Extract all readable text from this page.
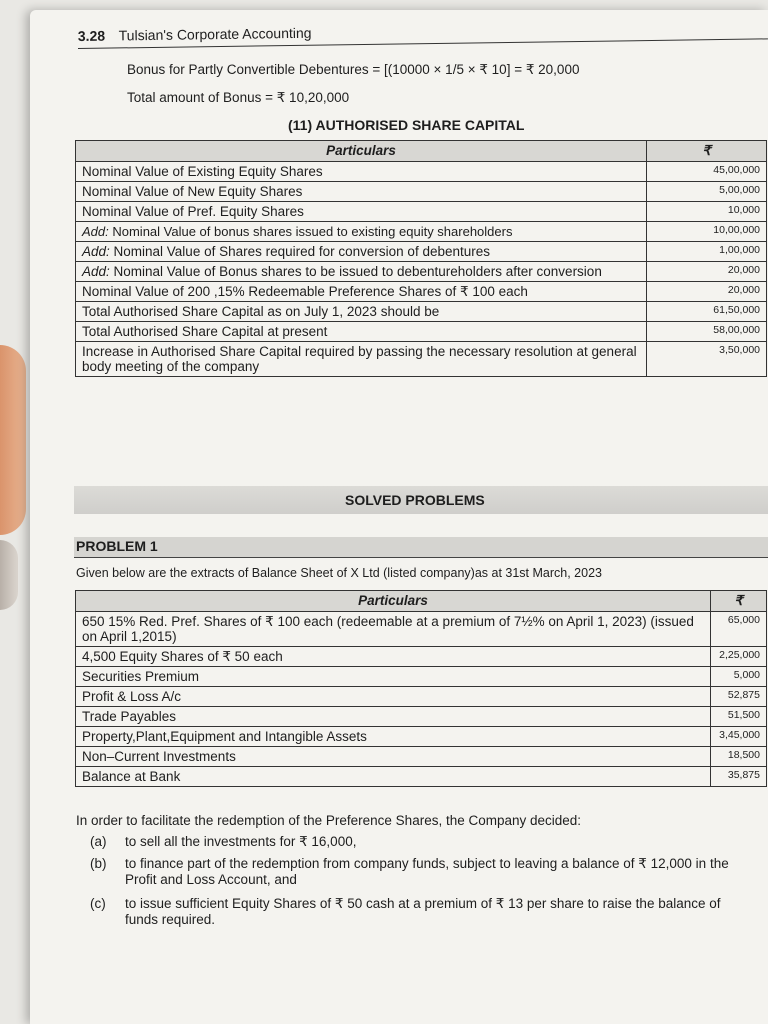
3.28 Tulsian's Corporate Accounting
Bonus for Partly Convertible Debentures = [(10000 × 1/5 × ₹ 10] = ₹ 20,000
Total amount of Bonus = ₹ 10,20,000
(11) AUTHORISED SHARE CAPITAL
Particulars	₹
Nominal Value of Existing Equity Shares	45,00,000
Nominal Value of New Equity Shares	5,00,000
Nominal Value of Pref. Equity Shares	10,000
Add: Nominal Value of bonus shares issued to existing equity shareholders	10,00,000
Add: Nominal Value of Shares required for conversion of debentures	1,00,000
Add: Nominal Value of Bonus shares to be issued to debentureholders after conversion	20,000
Nominal Value of 200 ,15% Redeemable Preference Shares of ₹ 100 each	20,000
Total Authorised Share Capital as on July 1, 2023 should be	61,50,000
Total Authorised Share Capital at present	58,00,000
Increase in Authorised Share Capital required by passing the necessary resolution at general body meeting of the company	3,50,000
SOLVED PROBLEMS
PROBLEM 1
Given below are the extracts of Balance Sheet of X Ltd (listed company)as at 31st March, 2023
Particulars	₹
650 15% Red. Pref. Shares of ₹ 100 each (redeemable at a premium of 7½% on April 1, 2023) (issued on April 1,2015)	65,000
4,500 Equity Shares of ₹ 50 each	2,25,000
Securities Premium	5,000
Profit & Loss A/c	52,875
Trade Payables	51,500
Property,Plant,Equipment and Intangible Assets	3,45,000
Non–Current Investments	18,500
Balance at Bank	35,875
In order to facilitate the redemption of the Preference Shares, the Company decided:
(a) to sell all the investments for ₹ 16,000,
(b) to finance part of the redemption from company funds, subject to leaving a balance of ₹ 12,000 in the Profit and Loss Account, and
(c) to issue sufficient Equity Shares of ₹ 50 cash at a premium of ₹ 13 per share to raise the balance of funds required.
